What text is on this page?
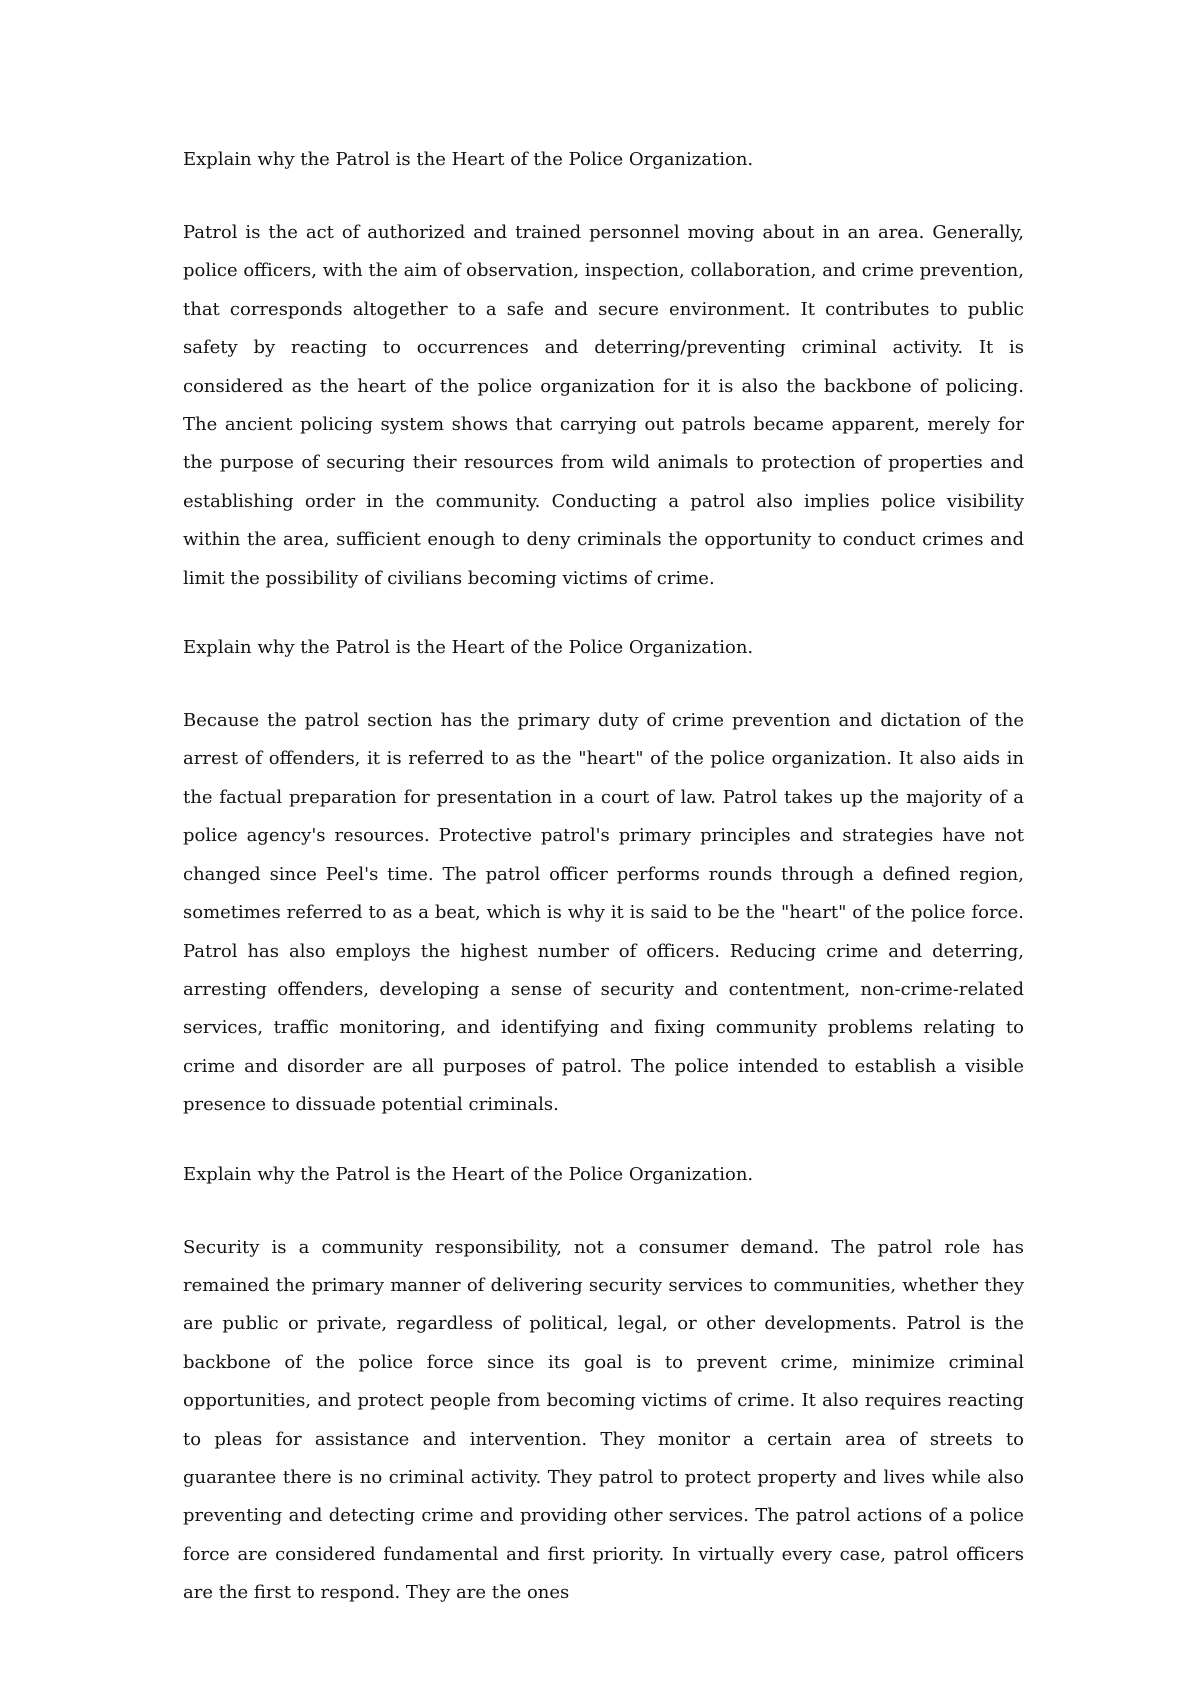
Explain why the Patrol is the Heart of the Police Organization.

Patrol is the act of authorized and trained personnel moving about in an area. Generally, police officers, with the aim of observation, inspection, collaboration, and crime prevention, that corresponds altogether to a safe and secure environment. It contributes to public safety by reacting to occurrences and deterring/preventing criminal activity. It is considered as the heart of the police organization for it is also the backbone of policing. The ancient policing system shows that carrying out patrols became apparent, merely for the purpose of securing their resources from wild animals to protection of properties and establishing order in the community. Conducting a patrol also implies police visibility within the area, sufficient enough to deny criminals the opportunity to conduct crimes and limit the possibility of civilians becoming victims of crime.

Explain why the Patrol is the Heart of the Police Organization.

Because the patrol section has the primary duty of crime prevention and dictation of the arrest of offenders, it is referred to as the "heart" of the police organization. It also aids in the factual preparation for presentation in a court of law. Patrol takes up the majority of a police agency's resources. Protective patrol's primary principles and strategies have not changed since Peel's time. The patrol officer performs rounds through a defined region, sometimes referred to as a beat, which is why it is said to be the "heart" of the police force. Patrol has also employs the highest number of officers. Reducing crime and deterring, arresting offenders, developing a sense of security and contentment, non-crime-related services, traffic monitoring, and identifying and fixing community problems relating to crime and disorder are all purposes of patrol. The police intended to establish a visible presence to dissuade potential criminals.

Explain why the Patrol is the Heart of the Police Organization.

Security is a community responsibility, not a consumer demand. The patrol role has remained the primary manner of delivering security services to communities, whether they are public or private, regardless of political, legal, or other developments. Patrol is the backbone of the police force since its goal is to prevent crime, minimize criminal opportunities, and protect people from becoming victims of crime. It also requires reacting to pleas for assistance and intervention. They monitor a certain area of streets to guarantee there is no criminal activity. They patrol to protect property and lives while also preventing and detecting crime and providing other services. The patrol actions of a police force are considered fundamental and first priority. In virtually every case, patrol officers are the first to respond. They are the ones
